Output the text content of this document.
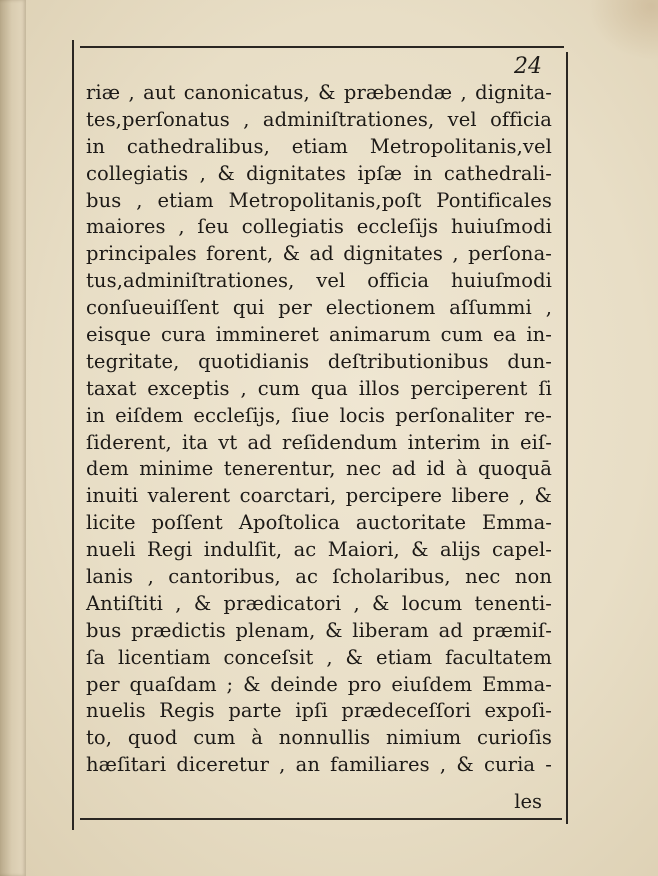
24
riæ , aut canonicatus, & præbendæ , dignita-
tes,perſonatus , adminiſtrationes, vel officia
in cathedralibus, etiam Metropolitanis,vel
collegiatis , & dignitates ipſæ in cathedrali-
bus , etiam Metropolitanis,poſt Pontificales
maiores , ſeu collegiatis eccleſijs huiuſmodi
principales forent, & ad dignitates , perſona-
tus,adminiſtrationes, vel officia huiuſmodi
conſueuiſſent qui per electionem aſſummi ,
eisque cura immineret animarum cum ea in-
tegritate, quotidianis deſtributionibus dun-
taxat exceptis , cum qua illos perciperent ſi
in eiſdem eccleſijs, ſiue locis perſonaliter re-
ſiderent, ita vt ad reſidendum interim in eiſ-
dem minime tenerentur, nec ad id à quoquā
inuiti valerent coarctari, percipere libere , &
licite poſſent Apoſtolica auctoritate Emma-
nueli Regi indulſit, ac Maiori, & alijs capel-
lanis , cantoribus, ac ſcholaribus, nec non
Antiſtiti , & prædicatori , & locum tenenti-
bus prædictis plenam, & liberam ad præmiſ-
ſa licentiam conceſsit , & etiam facultatem
per quaſdam ; & deinde pro eiuſdem Emma-
nuelis Regis parte ipſi prædeceſſori expoſi-
to, quod cum à nonnullis nimium curioſis
hæſitari diceretur , an familiares , & curia -
les
